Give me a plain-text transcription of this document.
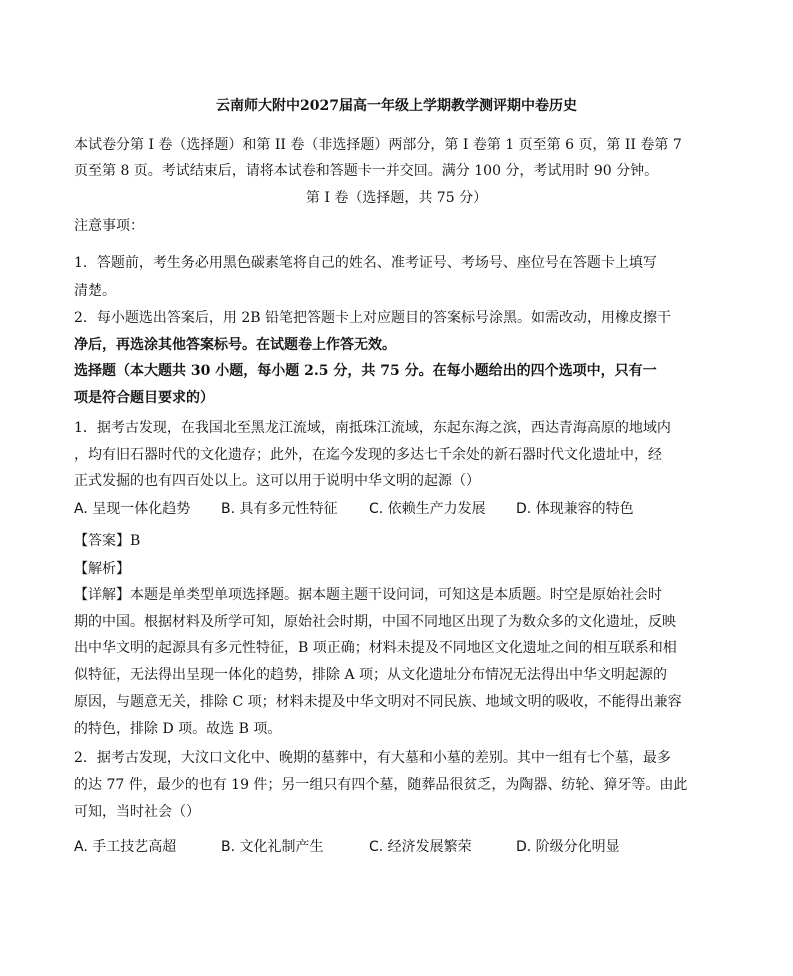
云南师大附中2027届高一年级上学期教学测评期中卷历史
本试卷分第 I 卷（选择题）和第 II 卷（非选择题）两部分，第 I 卷第 1 页至第 6 页，第 II 卷第 7
页至第 8 页。考试结束后，请将本试卷和答题卡一并交回。满分 100 分，考试用时 90 分钟。
第 I 卷（选择题，共 75 分）
注意事项：
1．答题前，考生务必用黑色碳素笔将自己的姓名、准考证号、考场号、座位号在答题卡上填写
清楚。
2．每小题选出答案后，用 2B 铅笔把答题卡上对应题目的答案标号涂黑。如需改动，用橡皮擦干
净后，再选涂其他答案标号。在试题卷上作答无效。
选择题（本大题共 30 小题，每小题 2.5 分，共 75 分。在每小题给出的四个选项中，只有一
项是符合题目要求的）
1．据考古发现，在我国北至黑龙江流域，南抵珠江流域，东起东海之滨，西达青海高原的地域内
，均有旧石器时代的文化遗存；此外，在迄今发现的多达七千余处的新石器时代文化遗址中，经
正式发掘的也有四百处以上。这可以用于说明中华文明的起源（）
A. 呈现一体化趋势 B. 具有多元性特征 C. 依赖生产力发展 D. 体现兼容的特色
【答案】B
【解析】
【详解】本题是单类型单项选择题。据本题主题干设问词，可知这是本质题。时空是原始社会时
期的中国。根据材料及所学可知，原始社会时期，中国不同地区出现了为数众多的文化遗址，反映
出中华文明的起源具有多元性特征，B 项正确；材料未提及不同地区文化遗址之间的相互联系和相
似特征，无法得出呈现一体化的趋势，排除 A 项；从文化遗址分布情况无法得出中华文明起源的
原因，与题意无关，排除 C 项；材料未提及中华文明对不同民族、地域文明的吸收，不能得出兼容
的特色，排除 D 项。故选 B 项。
2．据考古发现，大汶口文化中、晚期的墓葬中，有大墓和小墓的差别。其中一组有七个墓，最多
的达 77 件，最少的也有 19 件；另一组只有四个墓，随葬品很贫乏，为陶器、纺轮、獐牙等。由此
可知，当时社会（）
A. 手工技艺高超	B. 文化礼制产生	C. 经济发展繁荣	D. 阶级分化明显
